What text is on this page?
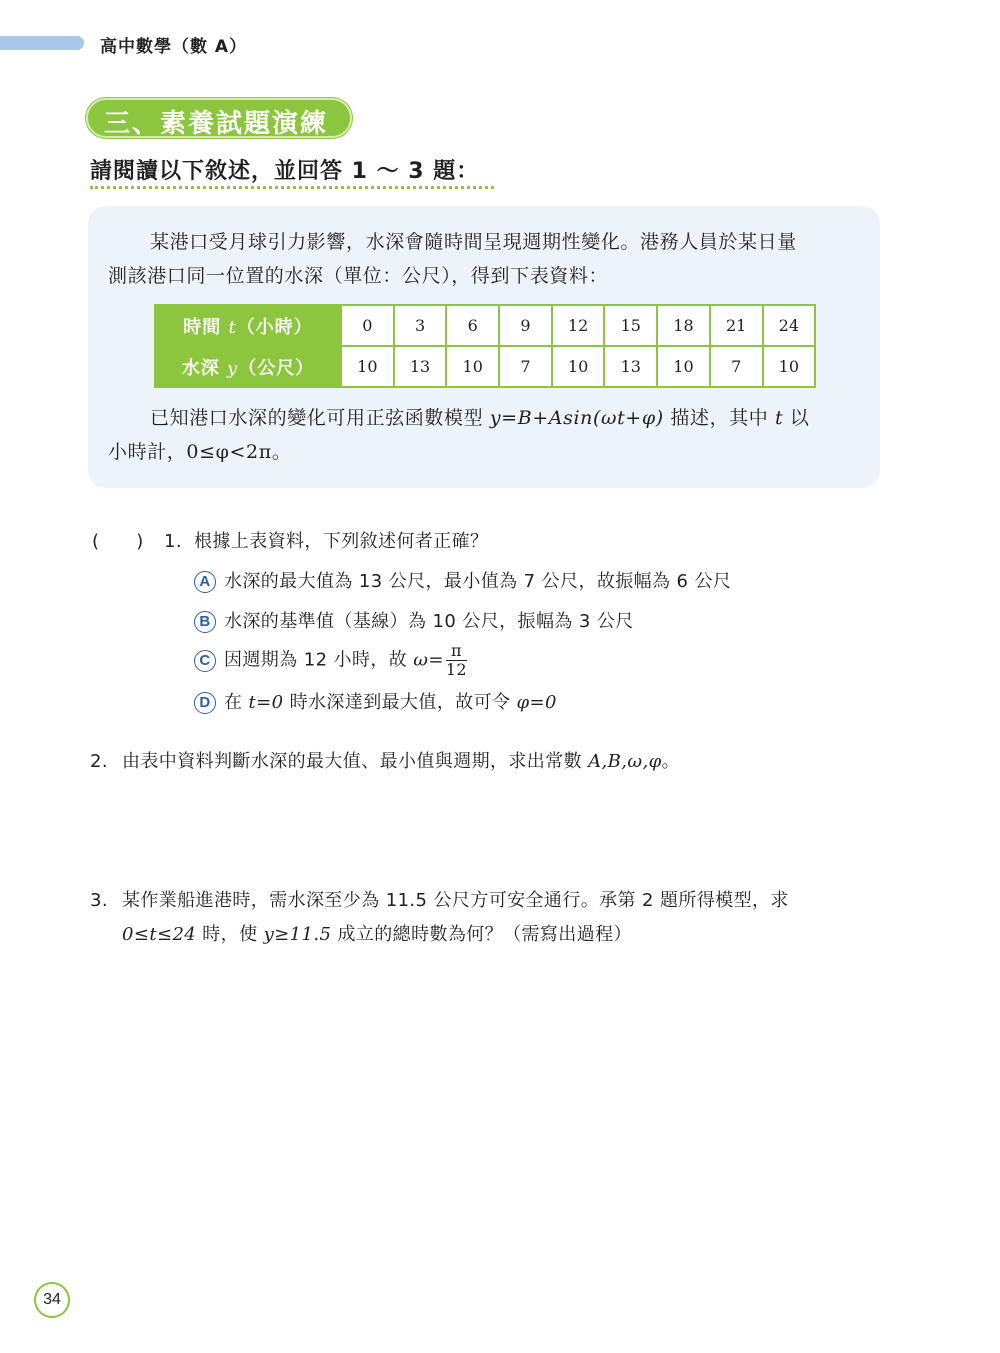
高中數學（數 A）
三、素養試題演練
請閱讀以下敘述，並回答 1 ～ 3 題：
某港口受月球引力影響，水深會隨時間呈現週期性變化。港務人員於某日量
測該港口同一位置的水深（單位：公尺），得到下表資料：
時間 t（小時）	0	3	6	9	12	15	18	21	24
水深 y（公尺）	10	13	10	7	10	13	10	7	10
已知港口水深的變化可用正弦函數模型 y=B+Asin(ωt+φ) 描述，其中 t 以
小時計，0≤φ<2π。
(　　) 1. 根據上表資料，下列敘述何者正確？
A 水深的最大值為 13 公尺，最小值為 7 公尺，故振幅為 6 公尺
B 水深的基準值（基線）為 10 公尺，振幅為 3 公尺
C 因週期為 12 小時，故 $\omega= \frac{\pi}{12}$
D 在 t=0 時水深達到最大值，故可令 φ=0
2. 由表中資料判斷水深的最大值、最小值與週期，求出常數 A,B,ω,φ。
3. 某作業船進港時，需水深至少為 11.5 公尺方可安全通行。承第 2 題所得模型，求
0≤t≤24 時，使 y≥11.5 成立的總時數為何？（需寫出過程）
34
